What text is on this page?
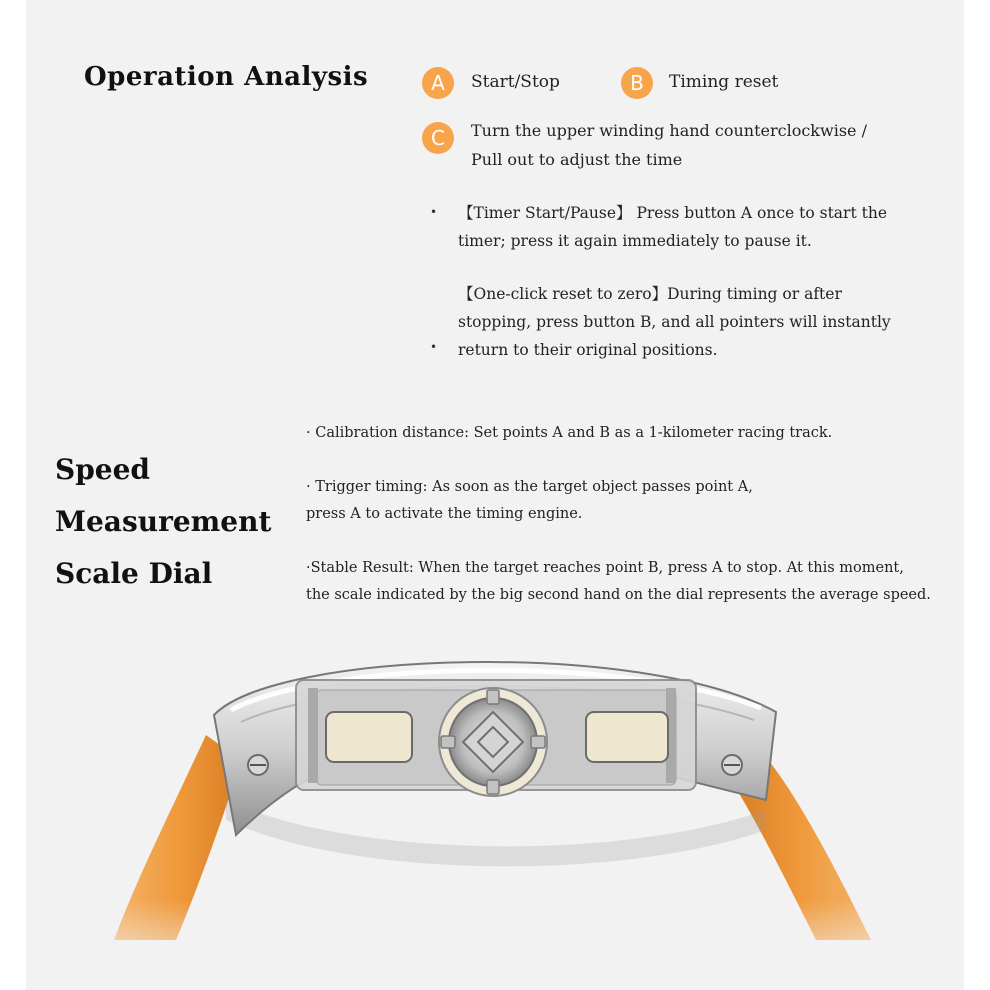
Operation Analysis	A	Start/Stop	B	Timing reset
C	Turn the upper winding hand counterclockwise /
Pull out to adjust the time
• 【Timer Start/Pause】 Press button A once to start the
timer; press it again immediately to pause it.
•
【One-click reset to zero】During timing or after
stopping, press button B, and all pointers will instantly
return to their original positions.
Speed
Measurement
Scale Dial
· Calibration distance: Set points A and B as a 1-kilometer racing track.
· Trigger timing: As soon as the target object passes point A,
press A to activate the timing engine.
·Stable Result: When the target reaches point B, press A to stop. At this moment,
the scale indicated by the big second hand on the dial represents the average speed.
